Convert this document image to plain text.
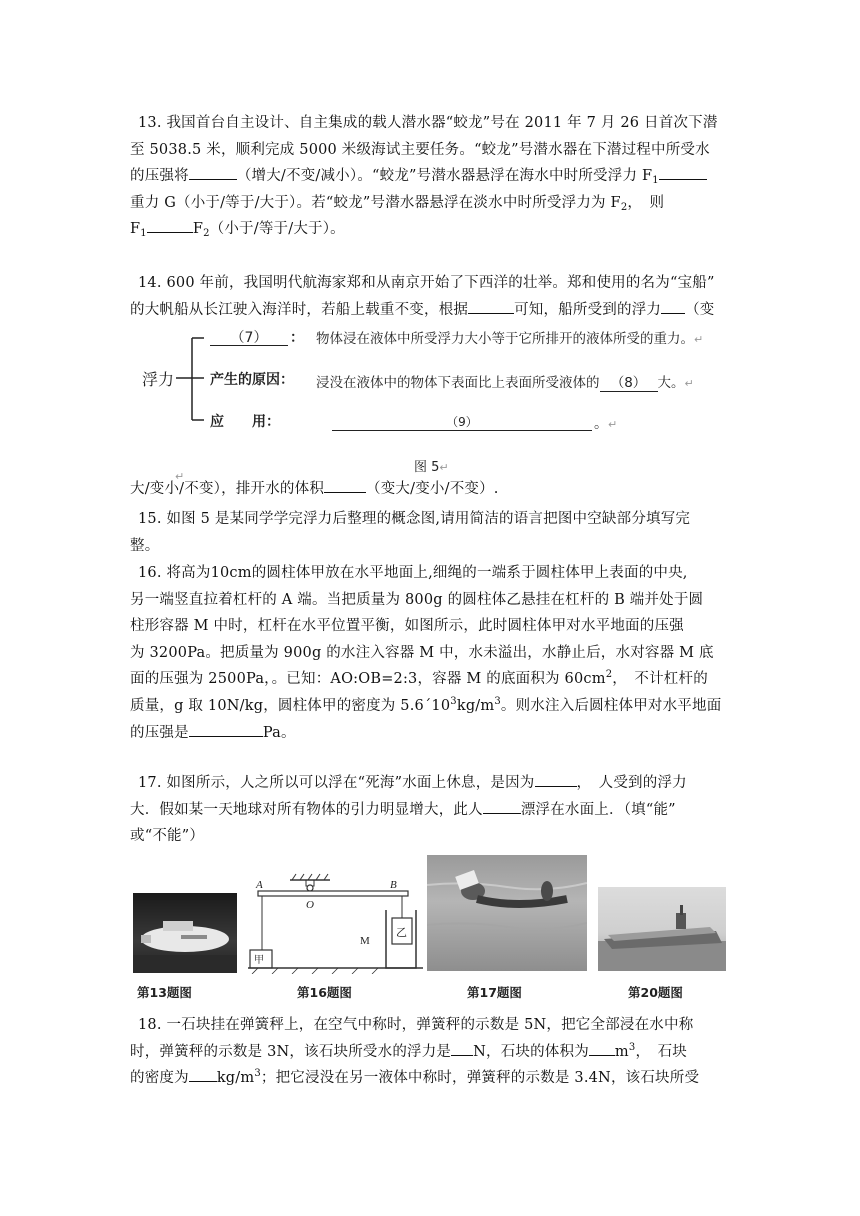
13. 我国首台自主设计、自主集成的载人潜水器“蛟龙”号在 2011 年 7 月 26 日首次下潜
至 5038.5 米，顺利完成 5000 米级海试主要任务。“蛟龙”号潜水器在下潜过程中所受水
的压强将	（增大/不变/减小）。“蛟龙”号潜水器悬浮在海水中时所受浮力 $F_1$
重力 G（小于/等于/大于）。若“蛟龙”号潜水器悬浮在淡水中时所受浮力为 $F_2$，　则
$F_1$	$F_2$（小于/等于/大于）。
14. 600 年前，我国明代航海家郑和从南京开始了下西洋的壮举。郑和使用的名为“宝船”
的大帆船从长江驶入海洋时，若船上载重不变，根据	可知，船所受到的浮力 （变
浮力
（7）	： 物体浸在液体中所受浮力大小等于它所排开的液体所受的重力。↵
产生的原因： 浸没在液体中的物体下表面比上表面所受液体的 （8） 大。↵
应　　用：	（9）	。↵
图 5↵
↵
大/变小/不变），排开水的体积	（变大/变小/不变）.
15. 如图 5 是某同学学完浮力后整理的概念图,请用简洁的语言把图中空缺部分填写完
整。
16. 将高为10cm的圆柱体甲放在水平地面上,细绳的一端系于圆柱体甲上表面的中央,
另一端竖直拉着杠杆的 A 端。当把质量为 800g 的圆柱体乙悬挂在杠杆的 B 端并处于圆
柱形容器 M 中时，杠杆在水平位置平衡，如图所示，此时圆柱体甲对水平地面的压强
为 3200Pa。把质量为 900g 的水注入容器 M 中，水未溢出，水静止后，水对容器 M 底
面的压强为 2500Pa，。已知：AO:OB=2:3，容器 M 的底面积为 $60cm^2$，　不计杠杆的
质量，g 取 10N/kg，圆柱体甲的密度为 $5.6´10^3kg/m^3$。则水注入后圆柱体甲对水平地面
的压强是	Pa。
17. 如图所示，人之所以可以浮在“死海”水面上休息，是因为	，　人受到的浮力
大．假如某一天地球对所有物体的引力明显增大，此人	漂浮在水面上．（填“能”
或“不能”）
A	B
O
M
甲
乙
第13题图	第16题图	第17题图	第20题图
18. 一石块挂在弹簧秤上，在空气中称时，弹簧秤的示数是 5N，把它全部浸在水中称
时，弹簧秤的示数是 3N，该石块所受水的浮力是 N，石块的体积为 $m^3$，　石块
的密度为 $kg/m^3$；把它浸没在另一液体中称时，弹簧秤的示数是 3.4N，该石块所受
